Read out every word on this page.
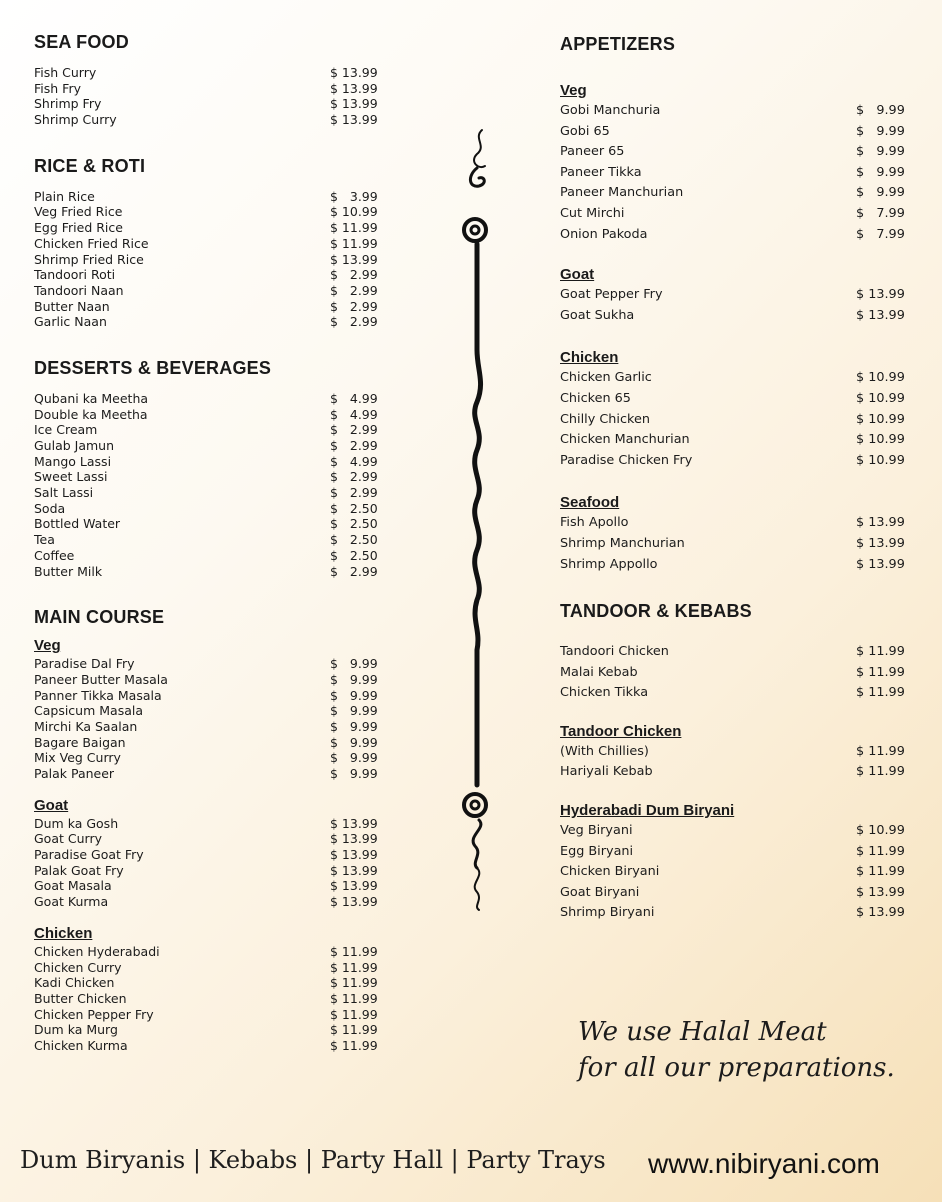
SEA FOOD
Fish Curry	$ 13.99
Fish Fry	$ 13.99
Shrimp Fry	$ 13.99
Shrimp Curry	$ 13.99
RICE & ROTI
Plain Rice	$   3.99
Veg Fried Rice	$ 10.99
Egg Fried Rice	$ 11.99
Chicken Fried Rice	$ 11.99
Shrimp Fried Rice	$ 13.99
Tandoori Roti	$   2.99
Tandoori Naan	$   2.99
Butter Naan	$   2.99
Garlic Naan	$   2.99
DESSERTS & BEVERAGES
Qubani ka Meetha	$   4.99
Double ka Meetha	$   4.99
Ice Cream	$   2.99
Gulab Jamun	$   2.99
Mango Lassi	$   4.99
Sweet Lassi	$   2.99
Salt Lassi	$   2.99
Soda	$   2.50
Bottled Water	$   2.50
Tea	$   2.50
Coffee	$   2.50
Butter Milk	$   2.99
MAIN COURSE
Veg
Paradise Dal Fry	$   9.99
Paneer Butter Masala	$   9.99
Panner Tikka Masala	$   9.99
Capsicum Masala	$   9.99
Mirchi Ka Saalan	$   9.99
Bagare Baigan	$   9.99
Mix Veg Curry	$   9.99
Palak Paneer	$   9.99
Goat
Dum ka Gosh	$ 13.99
Goat Curry	$ 13.99
Paradise Goat Fry	$ 13.99
Palak Goat Fry	$ 13.99
Goat Masala	$ 13.99
Goat Kurma	$ 13.99
Chicken
Chicken Hyderabadi	$ 11.99
Chicken Curry	$ 11.99
Kadi Chicken	$ 11.99
Butter Chicken	$ 11.99
Chicken Pepper Fry	$ 11.99
Dum ka Murg	$ 11.99
Chicken Kurma	$ 11.99
APPETIZERS
Veg
Gobi Manchuria	$   9.99
Gobi 65	$   9.99
Paneer 65	$   9.99
Paneer Tikka	$   9.99
Paneer Manchurian	$   9.99
Cut Mirchi	$   7.99
Onion Pakoda	$   7.99
Goat
Goat Pepper Fry	$ 13.99
Goat Sukha	$ 13.99
Chicken
Chicken Garlic	$ 10.99
Chicken 65	$ 10.99
Chilly Chicken	$ 10.99
Chicken Manchurian	$ 10.99
Paradise Chicken Fry	$ 10.99
Seafood
Fish Apollo	$ 13.99
Shrimp Manchurian	$ 13.99
Shrimp Appollo	$ 13.99
TANDOOR & KEBABS
Tandoori Chicken	$ 11.99
Malai Kebab	$ 11.99
Chicken Tikka	$ 11.99
Tandoor Chicken
(With Chillies)	$ 11.99
Hariyali Kebab	$ 11.99
Hyderabadi Dum Biryani
Veg Biryani	$ 10.99
Egg Biryani	$ 11.99
Chicken Biryani	$ 11.99
Goat Biryani	$ 13.99
Shrimp Biryani	$ 13.99
We use Halal Meat
for all our preparations.
Dum Biryanis | Kebabs | Party Hall | Party Trays	www.nibiryani.com
